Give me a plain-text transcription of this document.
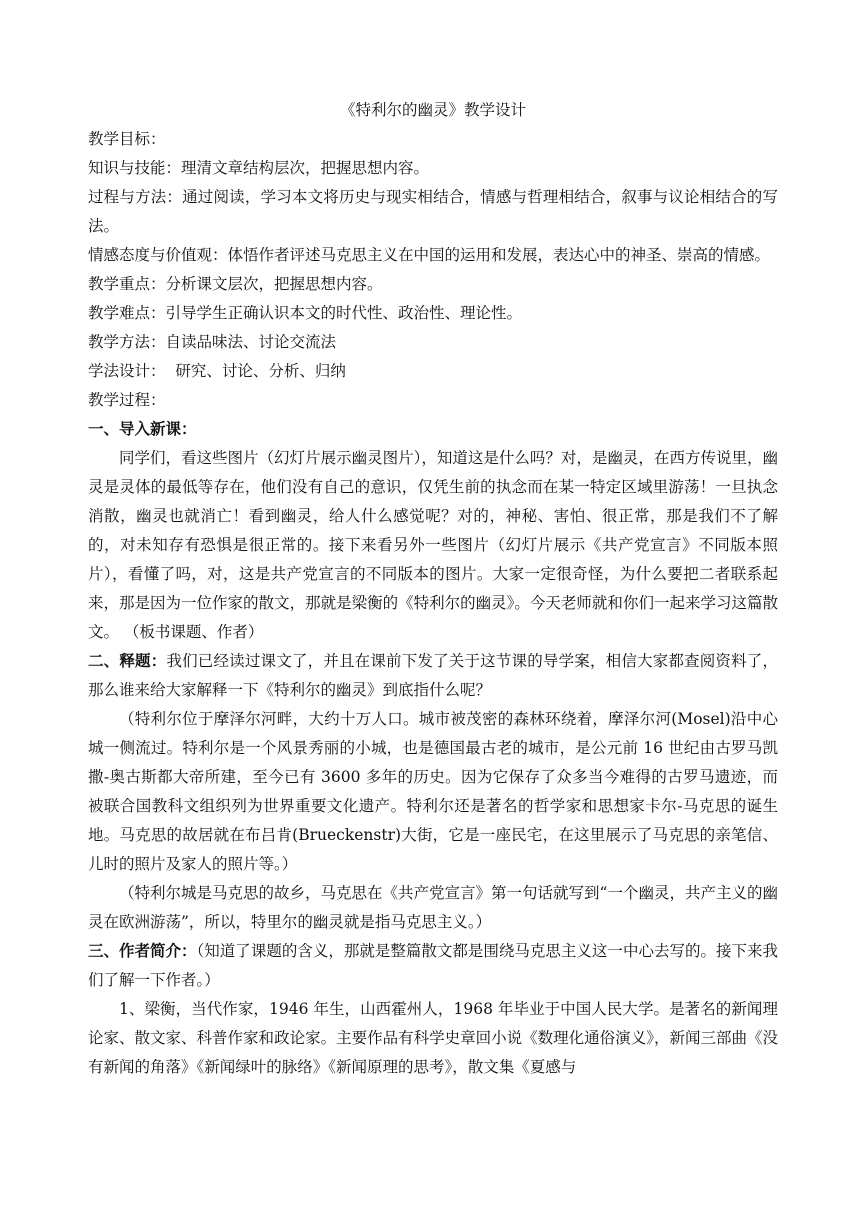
《特利尔的幽灵》教学设计

教学目标：

知识与技能：理清文章结构层次，把握思想内容。

过程与方法：通过阅读，学习本文将历史与现实相结合，情感与哲理相结合，叙事与议论相结合的写法。

情感态度与价值观：体悟作者评述马克思主义在中国的运用和发展，表达心中的神圣、崇高的情感。

教学重点：分析课文层次，把握思想内容。

教学难点：引导学生正确认识本文的时代性、政治性、理论性。

教学方法：自读品味法、讨论交流法

学法设计：  研究、讨论、分析、归纳

教学过程：

一、导入新课：

同学们，看这些图片（幻灯片展示幽灵图片），知道这是什么吗？对，是幽灵，在西方传说里，幽灵是灵体的最低等存在，他们没有自己的意识，仅凭生前的执念而在某一特定区域里游荡！一旦执念消散，幽灵也就消亡！看到幽灵，给人什么感觉呢？对的，神秘、害怕、很正常，那是我们不了解的，对未知存有恐惧是很正常的。接下来看另外一些图片（幻灯片展示《共产党宣言》不同版本照片），看懂了吗，对，这是共产党宣言的不同版本的图片。大家一定很奇怪，为什么要把二者联系起来，那是因为一位作家的散文，那就是梁衡的《特利尔的幽灵》。今天老师就和你们一起来学习这篇散文。 （板书课题、作者）

二、释题：我们已经读过课文了，并且在课前下发了关于这节课的导学案，相信大家都查阅资料了，那么谁来给大家解释一下《特利尔的幽灵》到底指什么呢？

（特利尔位于摩泽尔河畔，大约十万人口。城市被茂密的森林环绕着，摩泽尔河(Mosel)沿中心城一侧流过。特利尔是一个风景秀丽的小城，也是德国最古老的城市，是公元前 16 世纪由古罗马凯撒-奥古斯都大帝所建，至今已有 3600 多年的历史。因为它保存了众多当今难得的古罗马遗迹，而被联合国教科文组织列为世界重要文化遗产。特利尔还是著名的哲学家和思想家卡尔-马克思的诞生地。马克思的故居就在布吕肯(Brueckenstr)大街，它是一座民宅，在这里展示了马克思的亲笔信、儿时的照片及家人的照片等。）

（特利尔城是马克思的故乡，马克思在《共产党宣言》第一句话就写到“一个幽灵，共产主义的幽灵在欧洲游荡”，所以，特里尔的幽灵就是指马克思主义。）

三、作者简介：（知道了课题的含义，那就是整篇散文都是围绕马克思主义这一中心去写的。接下来我们了解一下作者。）

1、梁衡，当代作家，1946 年生，山西霍州人，1968 年毕业于中国人民大学。是著名的新闻理论家、散文家、科普作家和政论家。主要作品有科学史章回小说《数理化通俗演义》，新闻三部曲《没有新闻的角落》《新闻绿叶的脉络》《新闻原理的思考》，散文集《夏感与
